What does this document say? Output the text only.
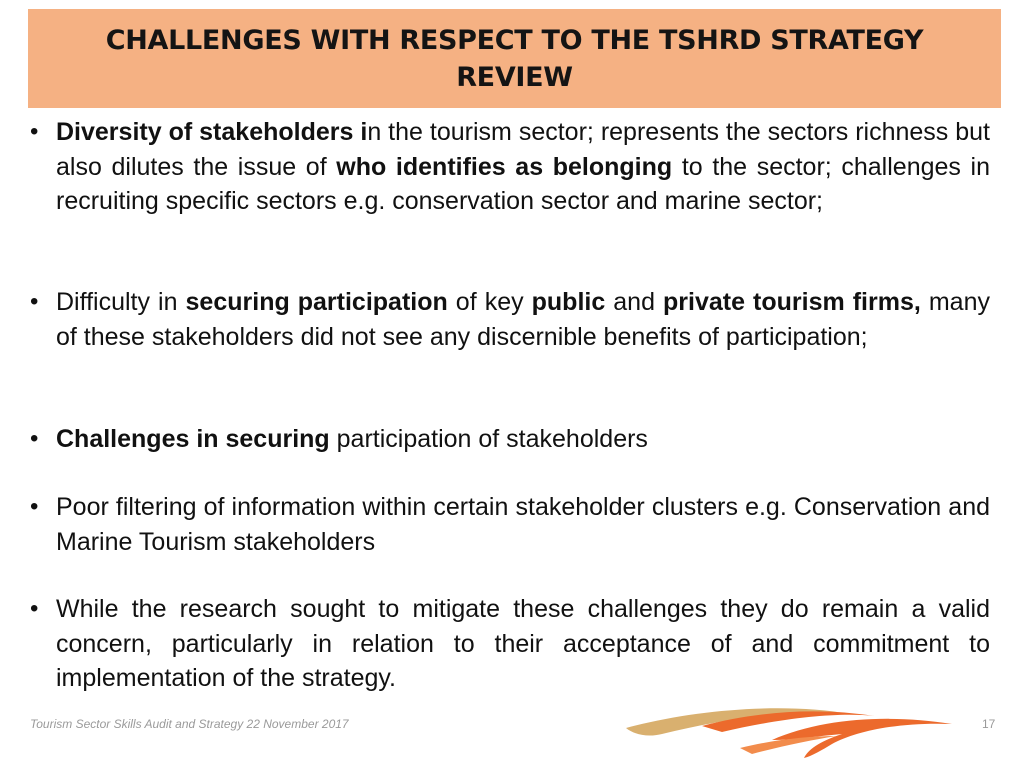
CHALLENGES WITH RESPECT TO THE TSHRD STRATEGY REVIEW
• Diversity of stakeholders in the tourism sector; represents the sectors richness but also dilutes the issue of who identifies as belonging to the sector; challenges in recruiting specific sectors e.g. conservation sector and marine sector;
• Difficulty in securing participation of key public and private tourism firms, many of these stakeholders did not see any discernible benefits of participation;
• Challenges in securing participation of stakeholders
• Poor filtering of information within certain stakeholder clusters e.g. Conservation and Marine Tourism stakeholders
• While the research sought to mitigate these challenges they do remain a valid concern, particularly in relation to their acceptance of and commitment to implementation of the strategy.
Tourism Sector Skills Audit and Strategy 22 November 2017	17
